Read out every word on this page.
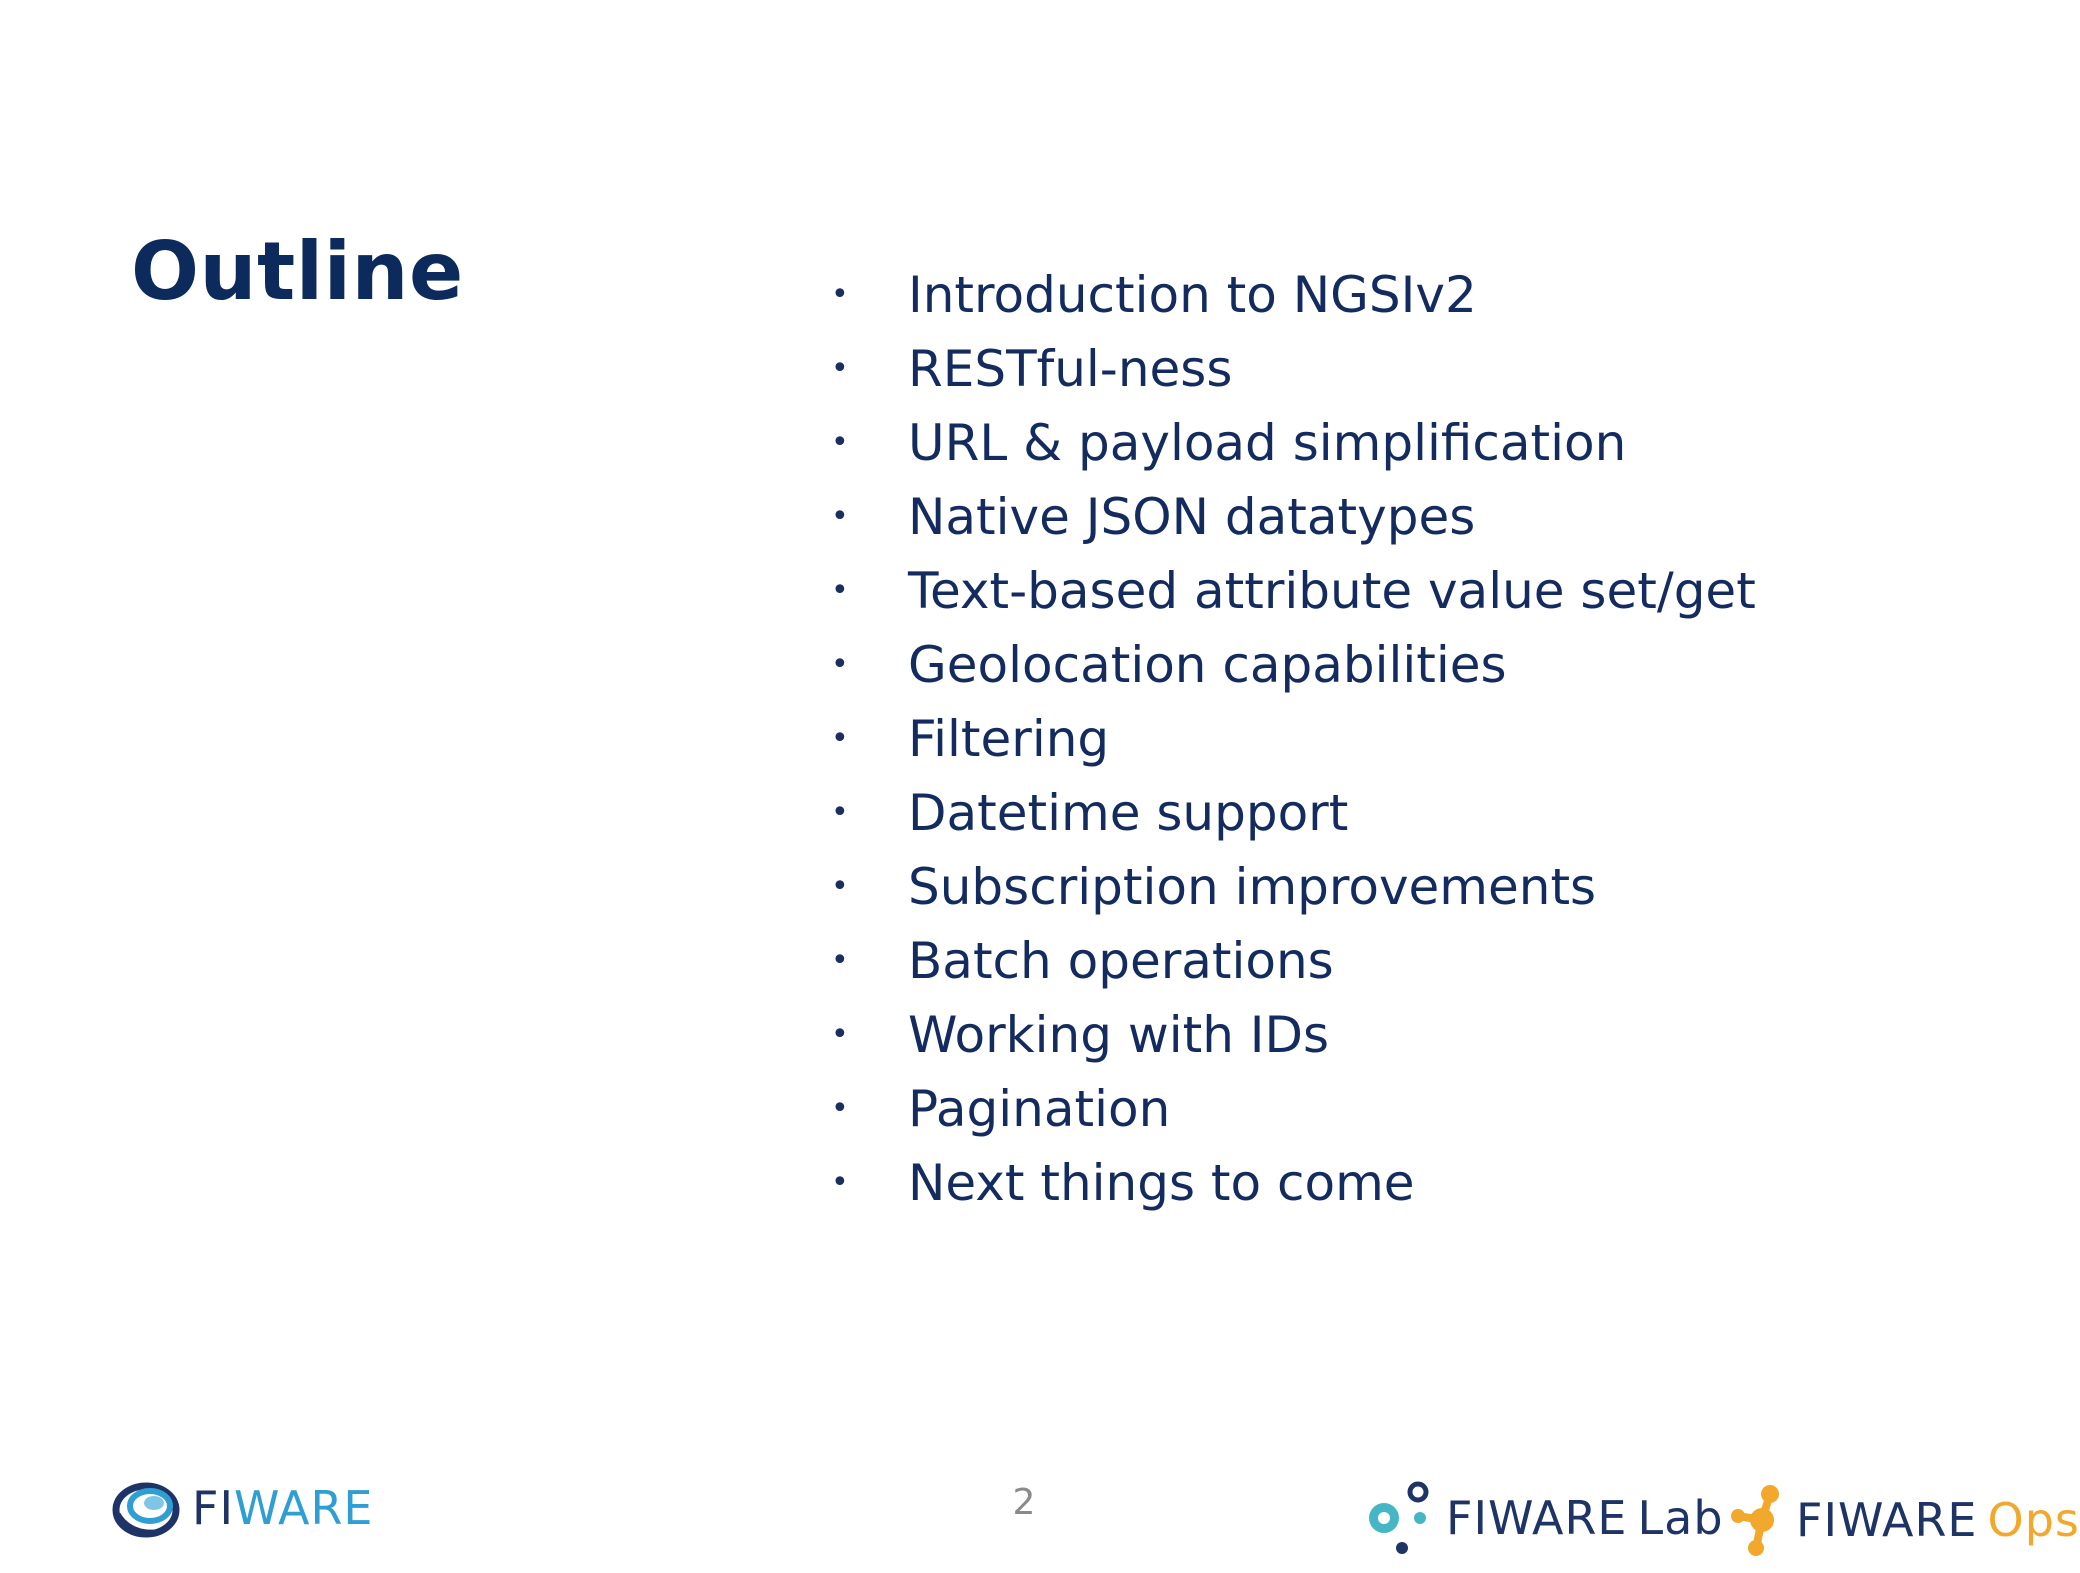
Outline	•	Introduction to NGSIv2
•	RESTful-ness
•	URL & payload simplification
•	Native JSON datatypes
•	Text-based attribute value set/get
•	Geolocation capabilities
•	Filtering
•	Datetime support
•	Subscription improvements
•	Batch operations
•	Working with IDs
•	Pagination
•	Next things to come
2
FIWARE	FIWARE Lab FIWARE Ops
